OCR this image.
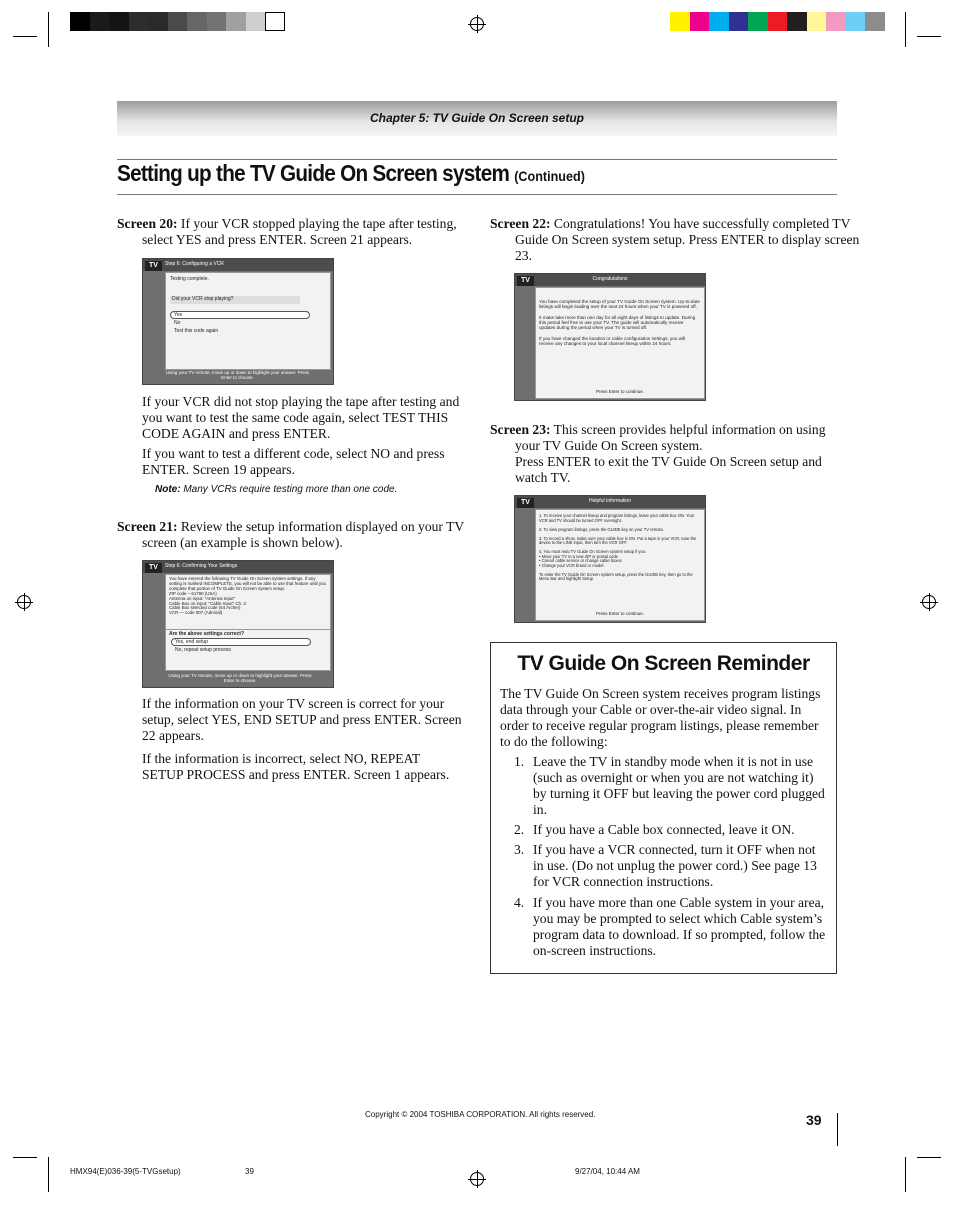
Chapter 5: TV Guide On Screen setup
Setting up the TV Guide On Screen system (Continued)
Screen 20: If your VCR stopped playing the tape after testing, select YES and press ENTER. Screen 21 appears.
TV	Step 6: Configuring a VCR
Testing complete.
Did your VCR stop playing?
Yes
No
Test this code again
Using your TV remote, move up or down to highlight your answer. Press Enter to choose.
If your VCR did not stop playing the tape after testing and you want to test the same code again, select TEST THIS CODE AGAIN and press ENTER.
If you want to test a different code, select NO and press ENTER. Screen 19 appears.
Note: Many VCRs require testing more than one code.
Screen 21: Review the setup information displayed on your TV screen (an example is shown below).
TV	Step 6: Confirming Your Settings
You have entered the following TV Guide On Screen system settings. If any setting is marked INCOMPLETE, you will not be able to use that feature until you complete that portion of TV Guide On Screen system setup.
ZIP code – 61790 (USA)
Antenna on input: "Antenna Input"
Cable Box on input: "Cable Input" Ch. 3
Cable Box selected code (64 Archer)
VCR — code 007 (Admiral)
Are the above settings correct?
Yes, end setup
No, repeat setup process
Using your TV remote, move up or down to highlight your answer. Press Enter to choose.
If the information on your TV screen is correct for your setup, select YES, END SETUP and press ENTER. Screen 22 appears.
If the information is incorrect, select NO, REPEAT SETUP PROCESS and press ENTER. Screen 1 appears.
Screen 22: Congratulations! You have successfully completed TV Guide On Screen system setup. Press ENTER to display screen 23.
TV	Congratulations
You have completed the setup of your TV Guide On Screen system. Up-to-date listings will begin loading over the next 24 hours when your TV is powered off.

It make take more than one day for all eight days of listings to update. During this period feel free to use your TV. The guide will automatically receive updates during the period when your TV is turned off.

If you have changed the location or cable configuration settings, you will receive any changes to your local channel lineup within 24 hours.
Press Enter to continue.
Screen 23: This screen provides helpful information on using your TV Guide On Screen system.
Press ENTER to exit the TV Guide On Screen setup and watch TV.
TV	Helpful Information
1. To receive your channel lineup and program listings, leave your cable box ON. Your VCR and TV should be turned OFF overnight.

2. To view program listings, press the GUIDE key on your TV remote.

3. To record a show, make sure your cable box is ON. Put a tape in your VCR, tune the device to the LINE input, then turn the VCR OFF.

4. You must redo TV Guide On Screen system setup if you:
• Move your TV to a new ZIP or postal code
• Cancel cable service or change cable boxes
• Change your VCR brand or model

To enter the TV Guide On Screen system setup, press the GUIDE key, then go to the Menu Bar and highlight Setup.
Press Enter to continue.
TV Guide On Screen Reminder
The TV Guide On Screen system receives program listings data through your Cable or over-the-air video signal. In order to receive regular program listings, please remember to do the following:
1. Leave the TV in standby mode when it is not in use (such as overnight or when you are not watching it) by turning it OFF but leaving the power cord plugged in.
2. If you have a Cable box connected, leave it ON.
3. If you have a VCR connected, turn it OFF when not in use. (Do not unplug the power cord.) See page 13 for VCR connection instructions.
4. If you have more than one Cable system in your area, you may be prompted to select which Cable system’s program data to download. If so prompted, follow the on-screen instructions.
Copyright © 2004 TOSHIBA CORPORATION. All rights reserved.	39
HMX94(E)036-39(5-TVGsetup)	39	9/27/04, 10:44 AM
